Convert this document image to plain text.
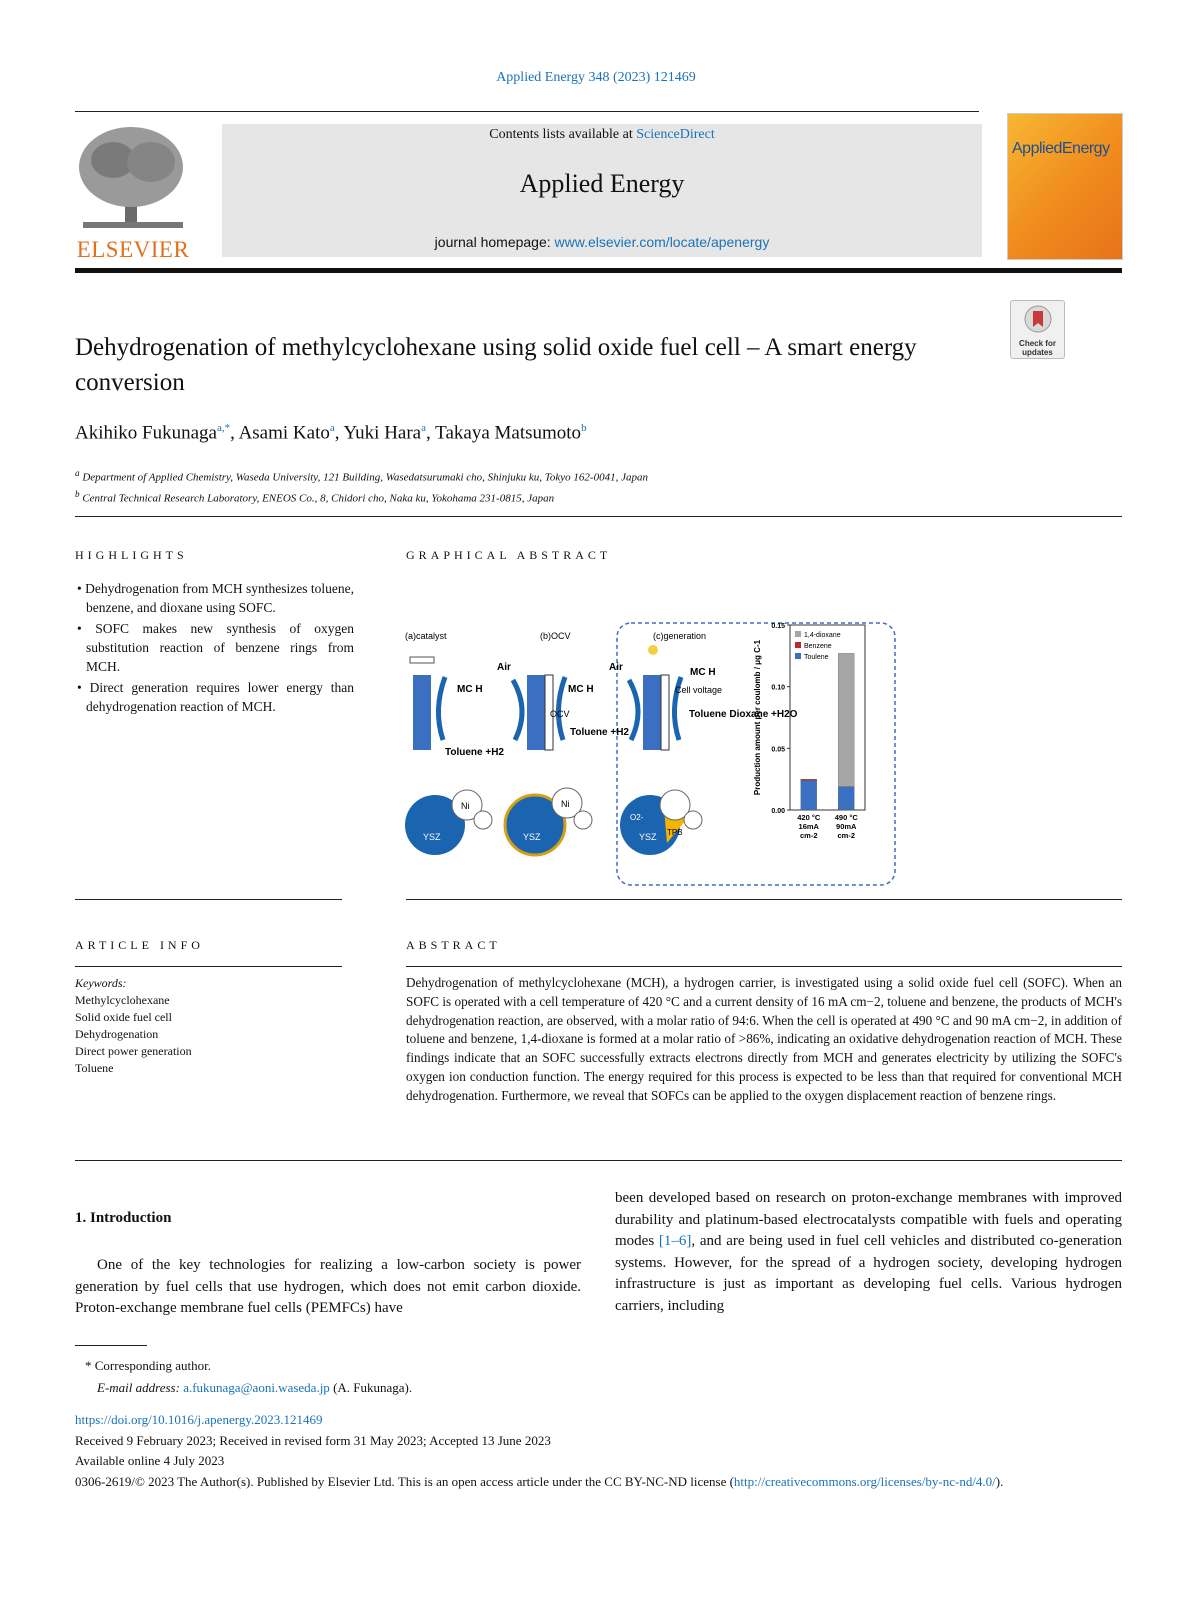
Applied Energy 348 (2023) 121469
ELSEVIER
Contents lists available at ScienceDirect
Applied Energy
journal homepage: www.elsevier.com/locate/apenergy
AppliedEnergy
Check for updates
Dehydrogenation of methylcyclohexane using solid oxide fuel cell – A smart energy conversion
Akihiko Fukunaga$^{a,*}$, Asami Kato$^a$, Yuki Hara$^a$, Takaya Matsumoto$^b$
$^a$ Department of Applied Chemistry, Waseda University, 121 Building, Wasedatsurumaki cho, Shinjuku ku, Tokyo 162-0041, Japan
$^b$ Central Technical Research Laboratory, ENEOS Co., 8, Chidori cho, Naka ku, Yokohama 231-0815, Japan
HIGHLIGHTS
• Dehydrogenation from MCH synthesizes toluene, benzene, and dioxane using SOFC.
• SOFC makes new synthesis of oxygen substitution reaction of benzene rings from MCH.
• Direct generation requires lower energy than dehydrogenation reaction of MCH.
GRAPHICAL ABSTRACT
(a)catalyst	(b)OCV	(c)generation
MC H
Toluene +H2
Air
OCV
MC H
Toluene +H2
Air
Cell voltage
MC H
Toluene Dioxane +H2O
YSZ
Ni
YSZ
Ni
YSZ
O2-
TPB
0.00
0.05
0.10
0.15
Production amount per coulomb / μg C-1
420 °C
16mA
cm-2
490 °C
90mA
cm-2
1,4-dioxane
Benzene
Toulene
ARTICLE INFO
Keywords:
Methylcyclohexane
Solid oxide fuel cell
Dehydrogenation
Direct power generation
Toluene
ABSTRACT
Dehydrogenation of methylcyclohexane (MCH), a hydrogen carrier, is investigated using a solid oxide fuel cell (SOFC). When an SOFC is operated with a cell temperature of 420 °C and a current density of 16 mA cm−2, toluene and benzene, the products of MCH's dehydrogenation reaction, are observed, with a molar ratio of 94:6. When the cell is operated at 490 °C and 90 mA cm−2, in addition of toluene and benzene, 1,4-dioxane is formed at a molar ratio of >86%, indicating an oxidative dehydrogenation reaction of MCH. These findings indicate that an SOFC successfully extracts electrons directly from MCH and generates electricity by utilizing the SOFC's oxygen ion conduction function. The energy required for this process is expected to be less than that required for conventional MCH dehydrogenation. Furthermore, we reveal that SOFCs can be applied to the oxygen displacement reaction of benzene rings.
1. Introduction
One of the key technologies for realizing a low-carbon society is power generation by fuel cells that use hydrogen, which does not emit carbon dioxide. Proton-exchange membrane fuel cells (PEMFCs) have
been developed based on research on proton-exchange membranes with improved durability and platinum-based electrocatalysts compatible with fuels and operating modes [1–6], and are being used in fuel cell vehicles and distributed co-generation systems. However, for the spread of a hydrogen society, developing hydrogen infrastructure is just as important as developing fuel cells. Various hydrogen carriers, including
* Corresponding author.
E-mail address: a.fukunaga@aoni.waseda.jp (A. Fukunaga).
https://doi.org/10.1016/j.apenergy.2023.121469
Received 9 February 2023; Received in revised form 31 May 2023; Accepted 13 June 2023
Available online 4 July 2023
0306-2619/© 2023 The Author(s). Published by Elsevier Ltd. This is an open access article under the CC BY-NC-ND license (http://creativecommons.org/licenses/by-nc-nd/4.0/).
